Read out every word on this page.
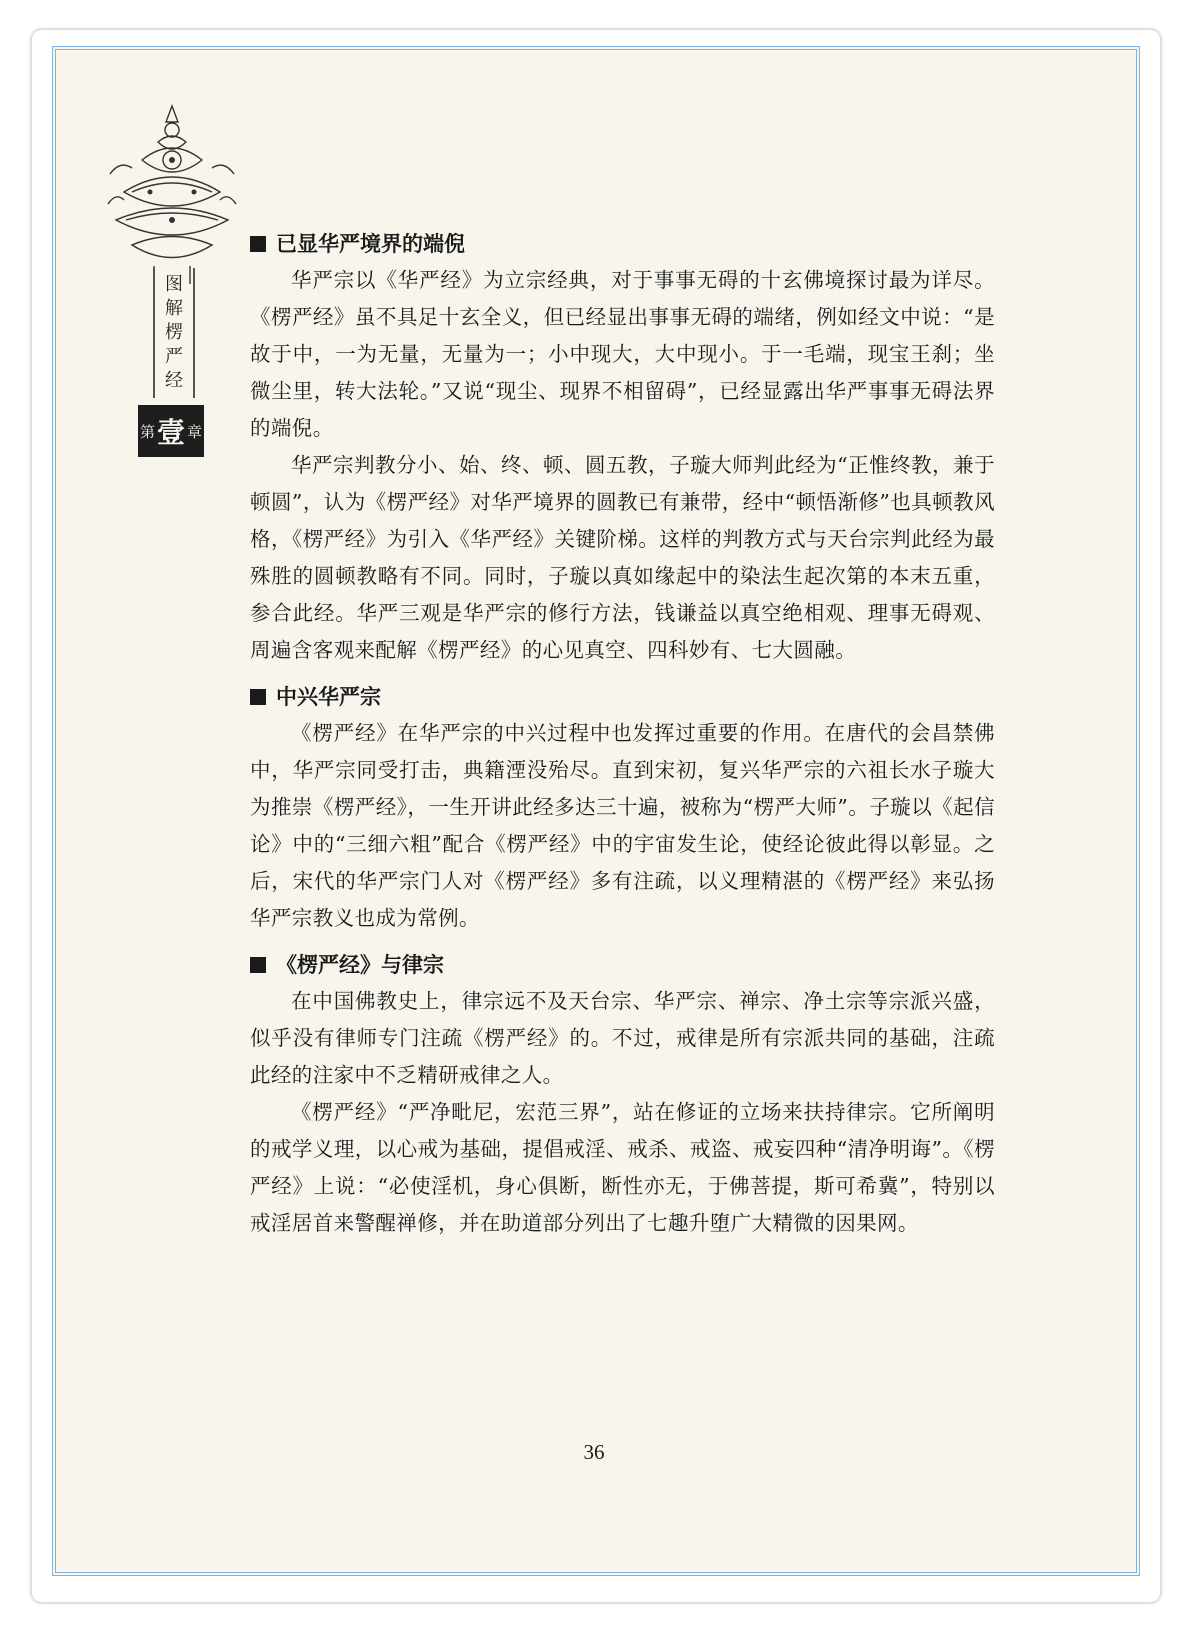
图
解
楞
严
经
第 壹 章
已显华严境界的端倪

华严宗以《华严经》为立宗经典，对于事事无碍的十玄佛境探讨最为详尽。《楞严经》虽不具足十玄全义，但已经显出事事无碍的端绪，例如经文中说：“是故于中，一为无量，无量为一；小中现大，大中现小。于一毛端，现宝王刹；坐微尘里，转大法轮。”又说“现尘、现界不相留碍”，已经显露出华严事事无碍法界的端倪。

华严宗判教分小、始、终、顿、圆五教，子璇大师判此经为“正惟终教，兼于顿圆”，认为《楞严经》对华严境界的圆教已有兼带，经中“顿悟渐修”也具顿教风格，《楞严经》为引入《华严经》关键阶梯。这样的判教方式与天台宗判此经为最殊胜的圆顿教略有不同。同时，子璇以真如缘起中的染法生起次第的本末五重，参合此经。华严三观是华严宗的修行方法，钱谦益以真空绝相观、理事无碍观、周遍含客观来配解《楞严经》的心见真空、四科妙有、七大圆融。

中兴华严宗

《楞严经》在华严宗的中兴过程中也发挥过重要的作用。在唐代的会昌禁佛中，华严宗同受打击，典籍湮没殆尽。直到宋初，复兴华严宗的六祖长水子璇大为推崇《楞严经》，一生开讲此经多达三十遍，被称为“楞严大师”。子璇以《起信论》中的“三细六粗”配合《楞严经》中的宇宙发生论，使经论彼此得以彰显。之后，宋代的华严宗门人对《楞严经》多有注疏，以义理精湛的《楞严经》来弘扬华严宗教义也成为常例。

《楞严经》与律宗

在中国佛教史上，律宗远不及天台宗、华严宗、禅宗、净土宗等宗派兴盛，似乎没有律师专门注疏《楞严经》的。不过，戒律是所有宗派共同的基础，注疏此经的注家中不乏精研戒律之人。

《楞严经》“严净毗尼，宏范三界”，站在修证的立场来扶持律宗。它所阐明的戒学义理，以心戒为基础，提倡戒淫、戒杀、戒盗、戒妄四种“清净明诲”。《楞严经》上说：“必使淫机，身心俱断，断性亦无，于佛菩提，斯可希冀”，特别以戒淫居首来警醒禅修，并在助道部分列出了七趣升堕广大精微的因果网。

36
